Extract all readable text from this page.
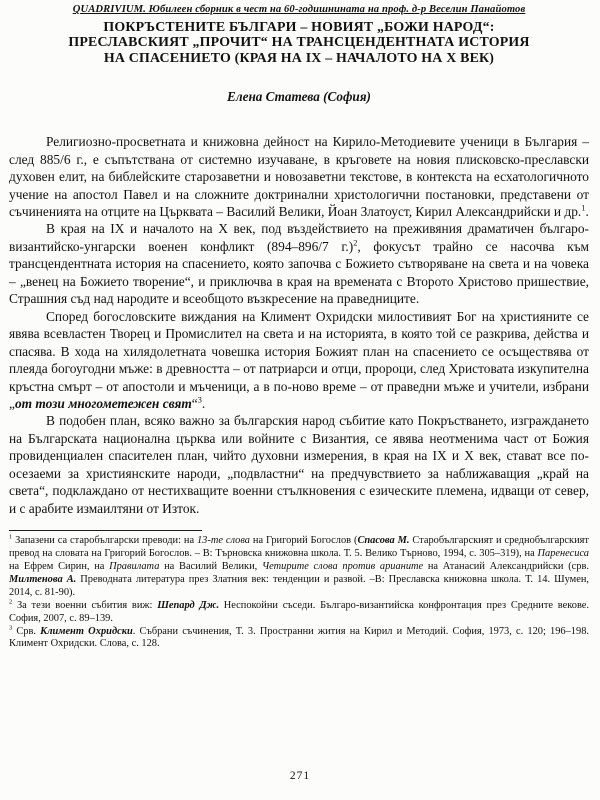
QUADRIVIUM. Юбилеен сборник в чест на 60-годишнината на проф. д-р Веселин Панайотов
ПОКРЪСТЕНИТЕ БЪЛГАРИ – НОВИЯТ „БОЖИ НАРОД“:
ПРЕСЛАВСКИЯТ „ПРОЧИТ“ НА ТРАНСЦЕНДЕНТНАТА ИСТОРИЯ
НА СПАСЕНИЕТО (КРАЯ НА IX – НАЧАЛОТО НА X ВЕК)
Елена Статева (София)

Религиозно-просветната и книжовна дейност на Кирило-Методиевите ученици в България – след 885/6 г., е съпътствана от системно изучаване, в кръговете на новия плисковско-преславски духовен елит, на библейските старозаветни и новозаветни текстове, в контекста на есхатологичното учение на апостол Павел и на сложните доктринални христологични постановки, представени от съчиненията на отците на Църквата – Василий Велики, Йоан Златоуст, Кирил Александрийски и др.$^1$.

В края на IX и началото на X век, под въздействието на преживяния драматичен българо-византийско-унгарски военен конфликт (894–896/7 г.)$^2$, фокусът трайно се насочва към трансцендентната история на спасението, която започва с Божието сътворяване на света и на човека – „венец на Божието творение“, и приключва в края на времената с Второто Христово пришествие, Страшния съд над народите и всеобщото възкресение на праведниците.

Според богословските виждания на Климент Охридски милостивият Бог на християните се явява всевластен Творец и Промислител на света и на историята, в която той се разкрива, действа и спасява. В хода на хилядолетната човешка история Божият план на спасението се осъществява от плеяда богоугодни мъже: в древността – от патриарси и отци, пророци, след Христовата изкупителна кръстна смърт – от апостоли и мъченици, а в по-ново време – от праведни мъже и учители, избрани „от този многометежен свят“$^3$.

В подобен план, всяко важно за българския народ събитие като Покръстването, изграждането на Българската национална църква или войните с Византия, се явява неотменима част от Божия провиденциален спасителен план, чийто духовни измерения, в края на IX и X век, стават все по-осезаеми за християнските народи, „подвластни“ на предчувствието за наближаващия „край на света“, подклаждано от нестихващите военни стълкновения с езическите племена, идващи от север, и с арабите измаилтяни от Изток.

$^1$ Запазени са старобългарски преводи: на 13-те слова на Григорий Богослов (Спасова М. Старобългарският и среднобългарският превод на словата на Григорий Богослов. – В: Търновска книжовна школа. Т. 5. Велико Търново, 1994, с. 305–319), на Паренесиса на Ефрем Сирин, на Правилата на Василий Велики, Четирите слова против арианите на Атанасий Александрийски (срв. Милтенова А. Преводната литература през Златния век: тенденции и развой. –В: Преславска книжовна школа. Т. 14. Шумен, 2014, с. 81-90).

$^2$ За тези военни събития виж: Шепард Дж. Неспокойни съседи. Българо-византийска конфронтация през Средните векове. София, 2007, с. 89–139.

$^3$ Срв. Климент Охридски. Събрани съчинения, Т. 3. Пространни жития на Кирил и Методий. София, 1973, с. 120; 196–198. Климент Охридски. Слова, с. 128.

271
